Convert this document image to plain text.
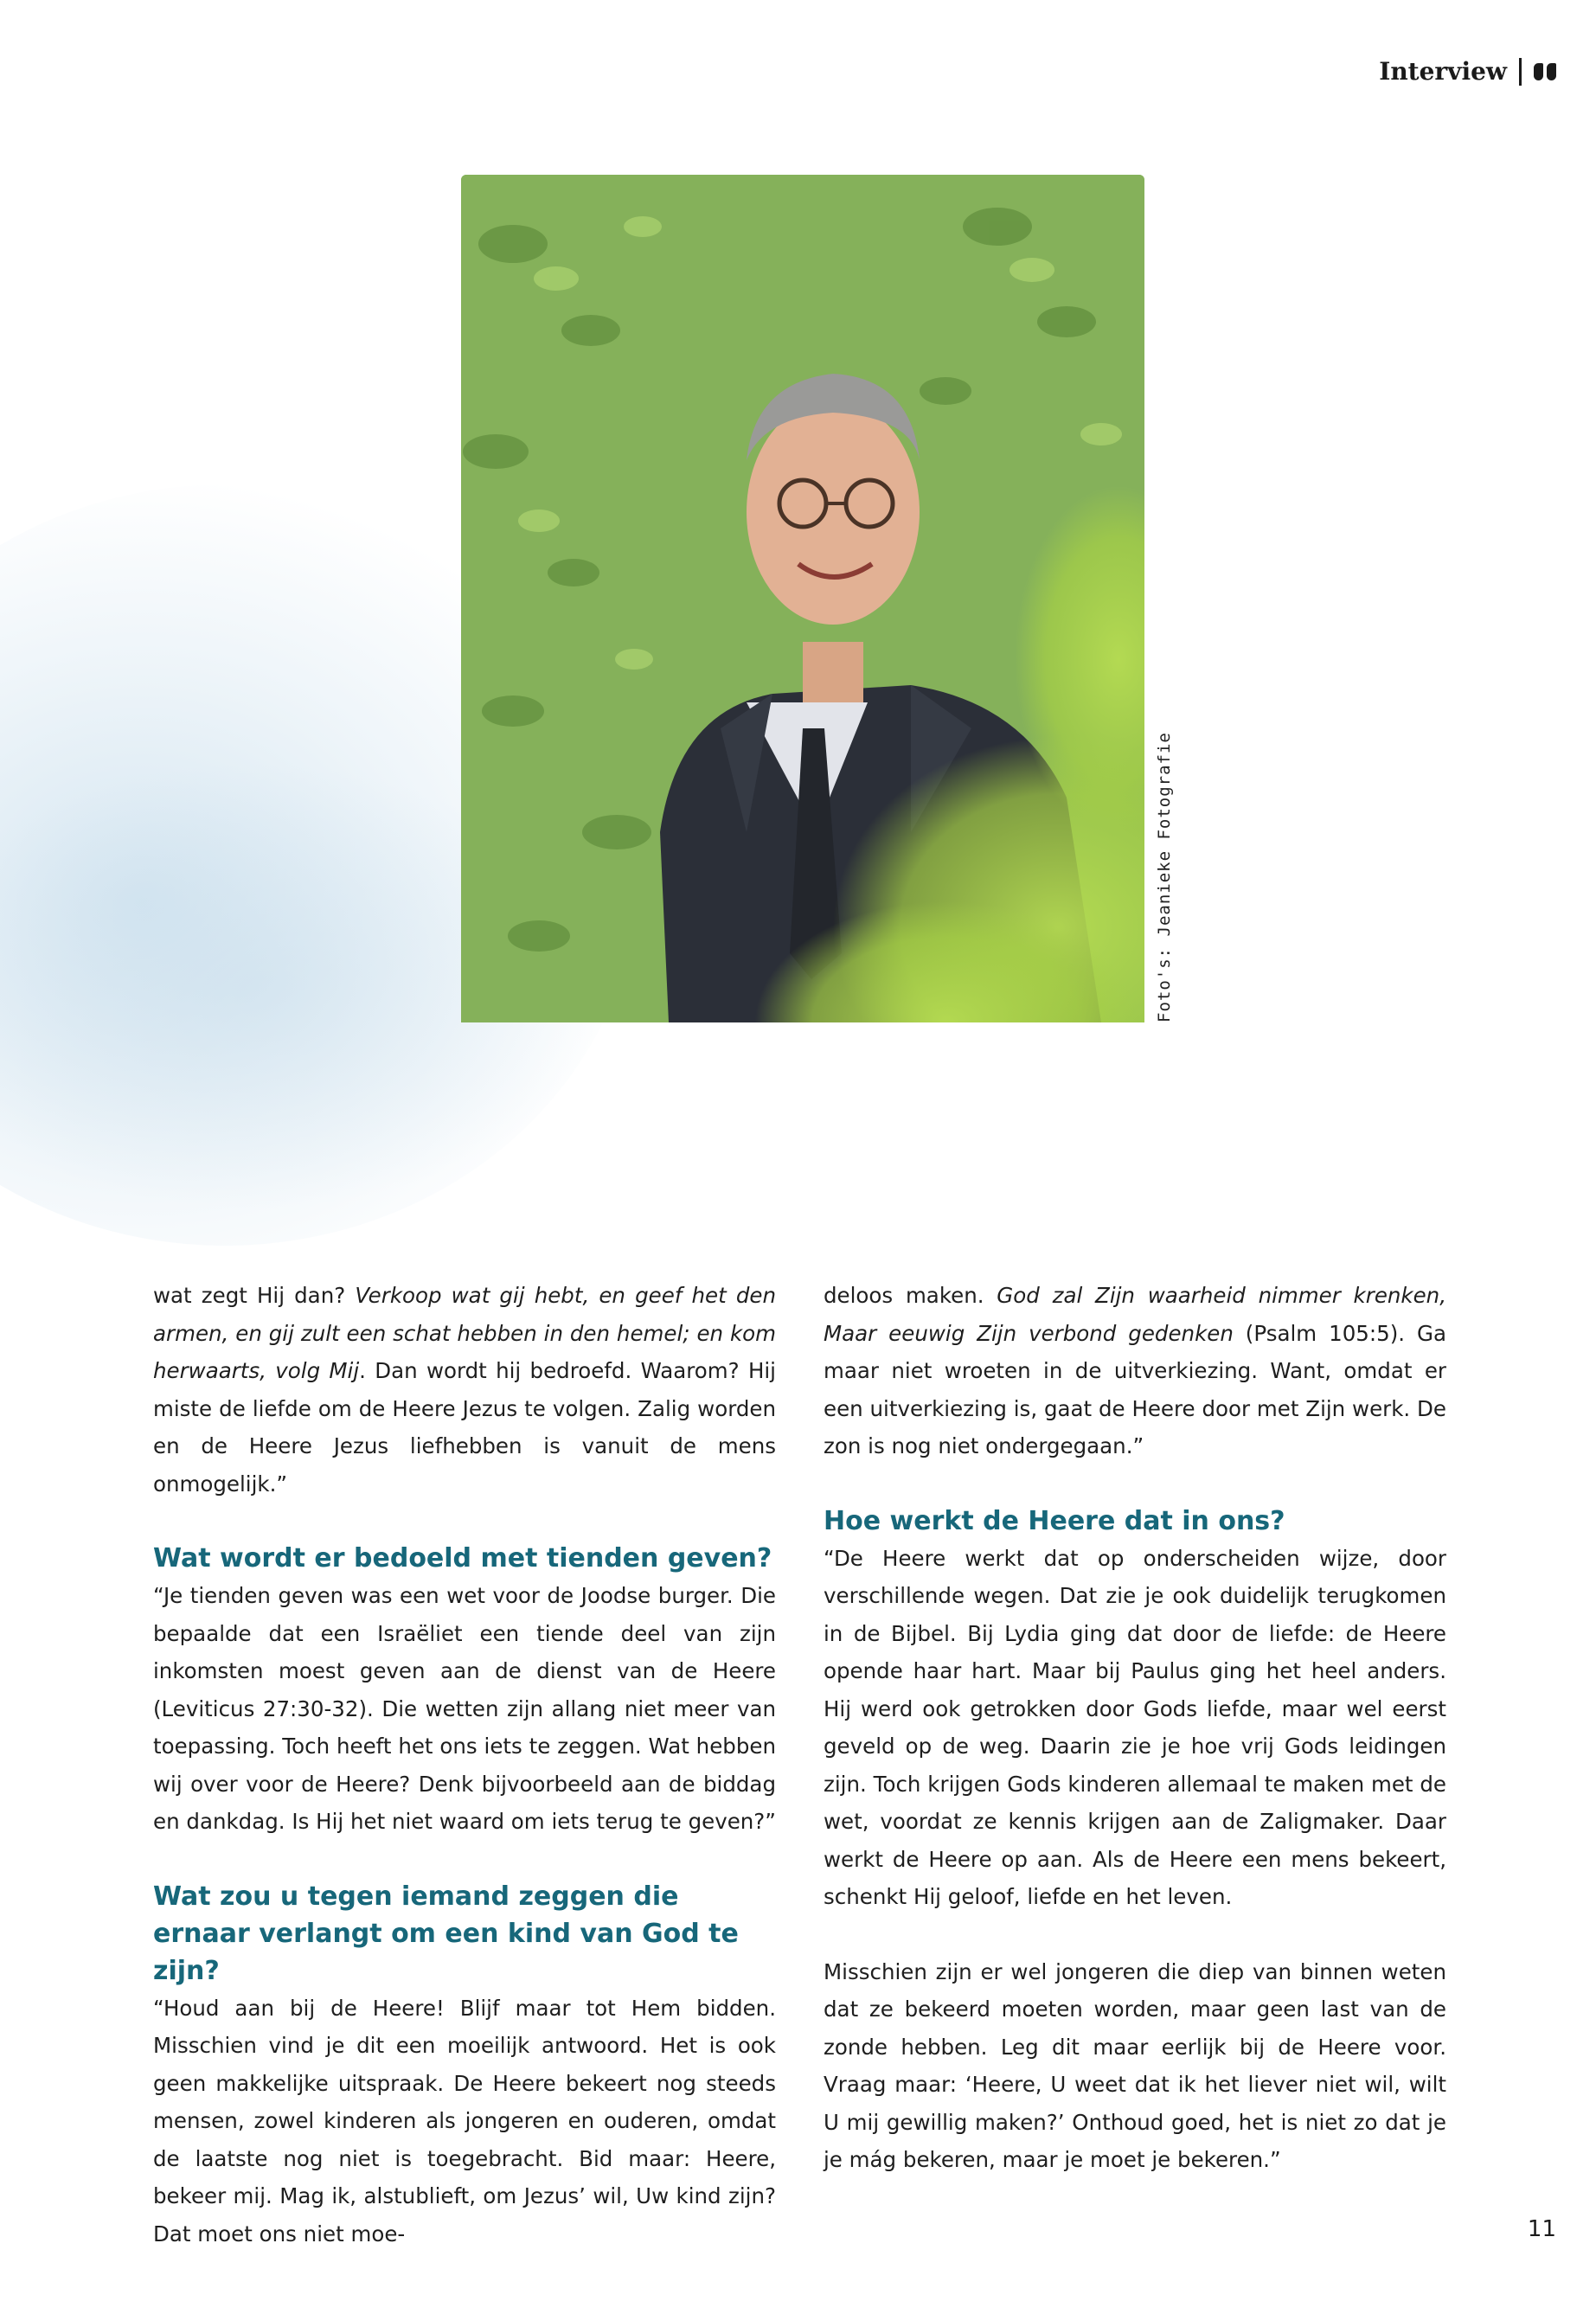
Interview
Foto's: Jeanieke Fotografie

wat zegt Hij dan? Verkoop wat gij hebt, en geef het den armen, en gij zult een schat hebben in den hemel; en kom herwaarts, volg Mij. Dan wordt hij bedroefd. Waarom? Hij miste de liefde om de Heere Jezus te volgen. Zalig worden en de Heere Jezus liefhebben is vanuit de mens onmogelijk.”

Wat wordt er bedoeld met tienden geven?

“Je tienden geven was een wet voor de Joodse burger. Die bepaalde dat een Israëliet een tiende deel van zijn inkomsten moest geven aan de dienst van de Heere (Leviticus 27:30-32). Die wetten zijn allang niet meer van toepassing. Toch heeft het ons iets te zeggen. Wat hebben wij over voor de Heere? Denk bijvoorbeeld aan de biddag en dankdag. Is Hij het niet waard om iets terug te geven?”

Wat zou u tegen iemand zeggen die ernaar verlangt om een kind van God te zijn?

“Houd aan bij de Heere! Blijf maar tot Hem bidden. Misschien vind je dit een moeilijk antwoord. Het is ook geen makkelijke uitspraak. De Heere bekeert nog steeds mensen, zowel kinderen als jongeren en ouderen, omdat de laatste nog niet is toegebracht. Bid maar: Heere, bekeer mij. Mag ik, alstublieft, om Jezus’ wil, Uw kind zijn? Dat moet ons niet moe-

deloos maken. God zal Zijn waarheid nimmer krenken, Maar eeuwig Zijn verbond gedenken (Psalm 105:5). Ga maar niet wroeten in de uitverkiezing. Want, omdat er een uitverkiezing is, gaat de Heere door met Zijn werk. De zon is nog niet ondergegaan.”

Hoe werkt de Heere dat in ons?

“De Heere werkt dat op onderscheiden wijze, door verschillende wegen. Dat zie je ook duidelijk terugkomen in de Bijbel. Bij Lydia ging dat door de liefde: de Heere opende haar hart. Maar bij Paulus ging het heel anders. Hij werd ook getrokken door Gods liefde, maar wel eerst geveld op de weg. Daarin zie je hoe vrij Gods leidingen zijn. Toch krijgen Gods kinderen allemaal te maken met de wet, voordat ze kennis krijgen aan de Zaligmaker. Daar werkt de Heere op aan. Als de Heere een mens bekeert, schenkt Hij geloof, liefde en het leven.

Misschien zijn er wel jongeren die diep van binnen weten dat ze bekeerd moeten worden, maar geen last van de zonde hebben. Leg dit maar eerlijk bij de Heere voor. Vraag maar: ‘Heere, U weet dat ik het liever niet wil, wilt U mij gewillig maken?’ Onthoud goed, het is niet zo dat je je mág bekeren, maar je moet je bekeren.”

11
